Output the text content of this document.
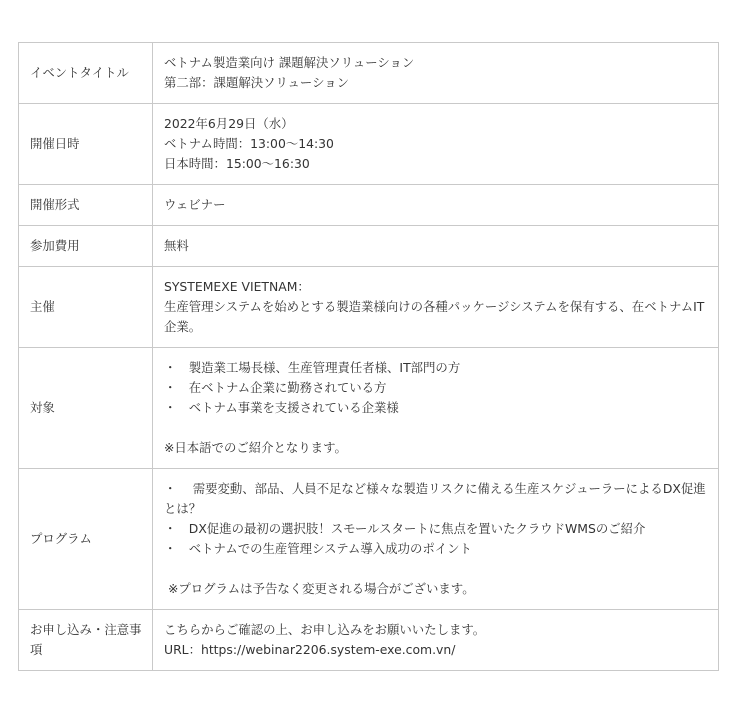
イベントタイトル	ベトナム製造業向け 課題解決ソリューション
第二部：課題解決ソリューション

開催日時	2022年6月29日（水）
ベトナム時間：13:00〜14:30
日本時間：15:00〜16:30

開催形式	ウェビナー

参加費用	無料

主催	SYSTEMEXE VIETNAM：
生産管理システムを始めとする製造業様向けの各種パッケージシステムを保有する、在ベトナムIT企業。

対象	・　製造業工場長様、生産管理責任者様、IT部門の方
・　在ベトナム企業に勤務されている方
・　ベトナム事業を支援されている企業様
※日本語でのご紹介となります。

プログラム	・　 需要変動、部品、人員不足など様々な製造リスクに備える生産スケジューラーによるDX促進とは？
・　DX促進の最初の選択肢！スモールスタートに焦点を置いたクラウドWMSのご紹介
・　ベトナムでの生産管理システム導入成功のポイント
※プログラムは予告なく変更される場合がございます。

お申し込み・注意事項	こちらからご確認の上、お申し込みをお願いいたします。
URL：https://webinar2206.system-exe.com.vn/
